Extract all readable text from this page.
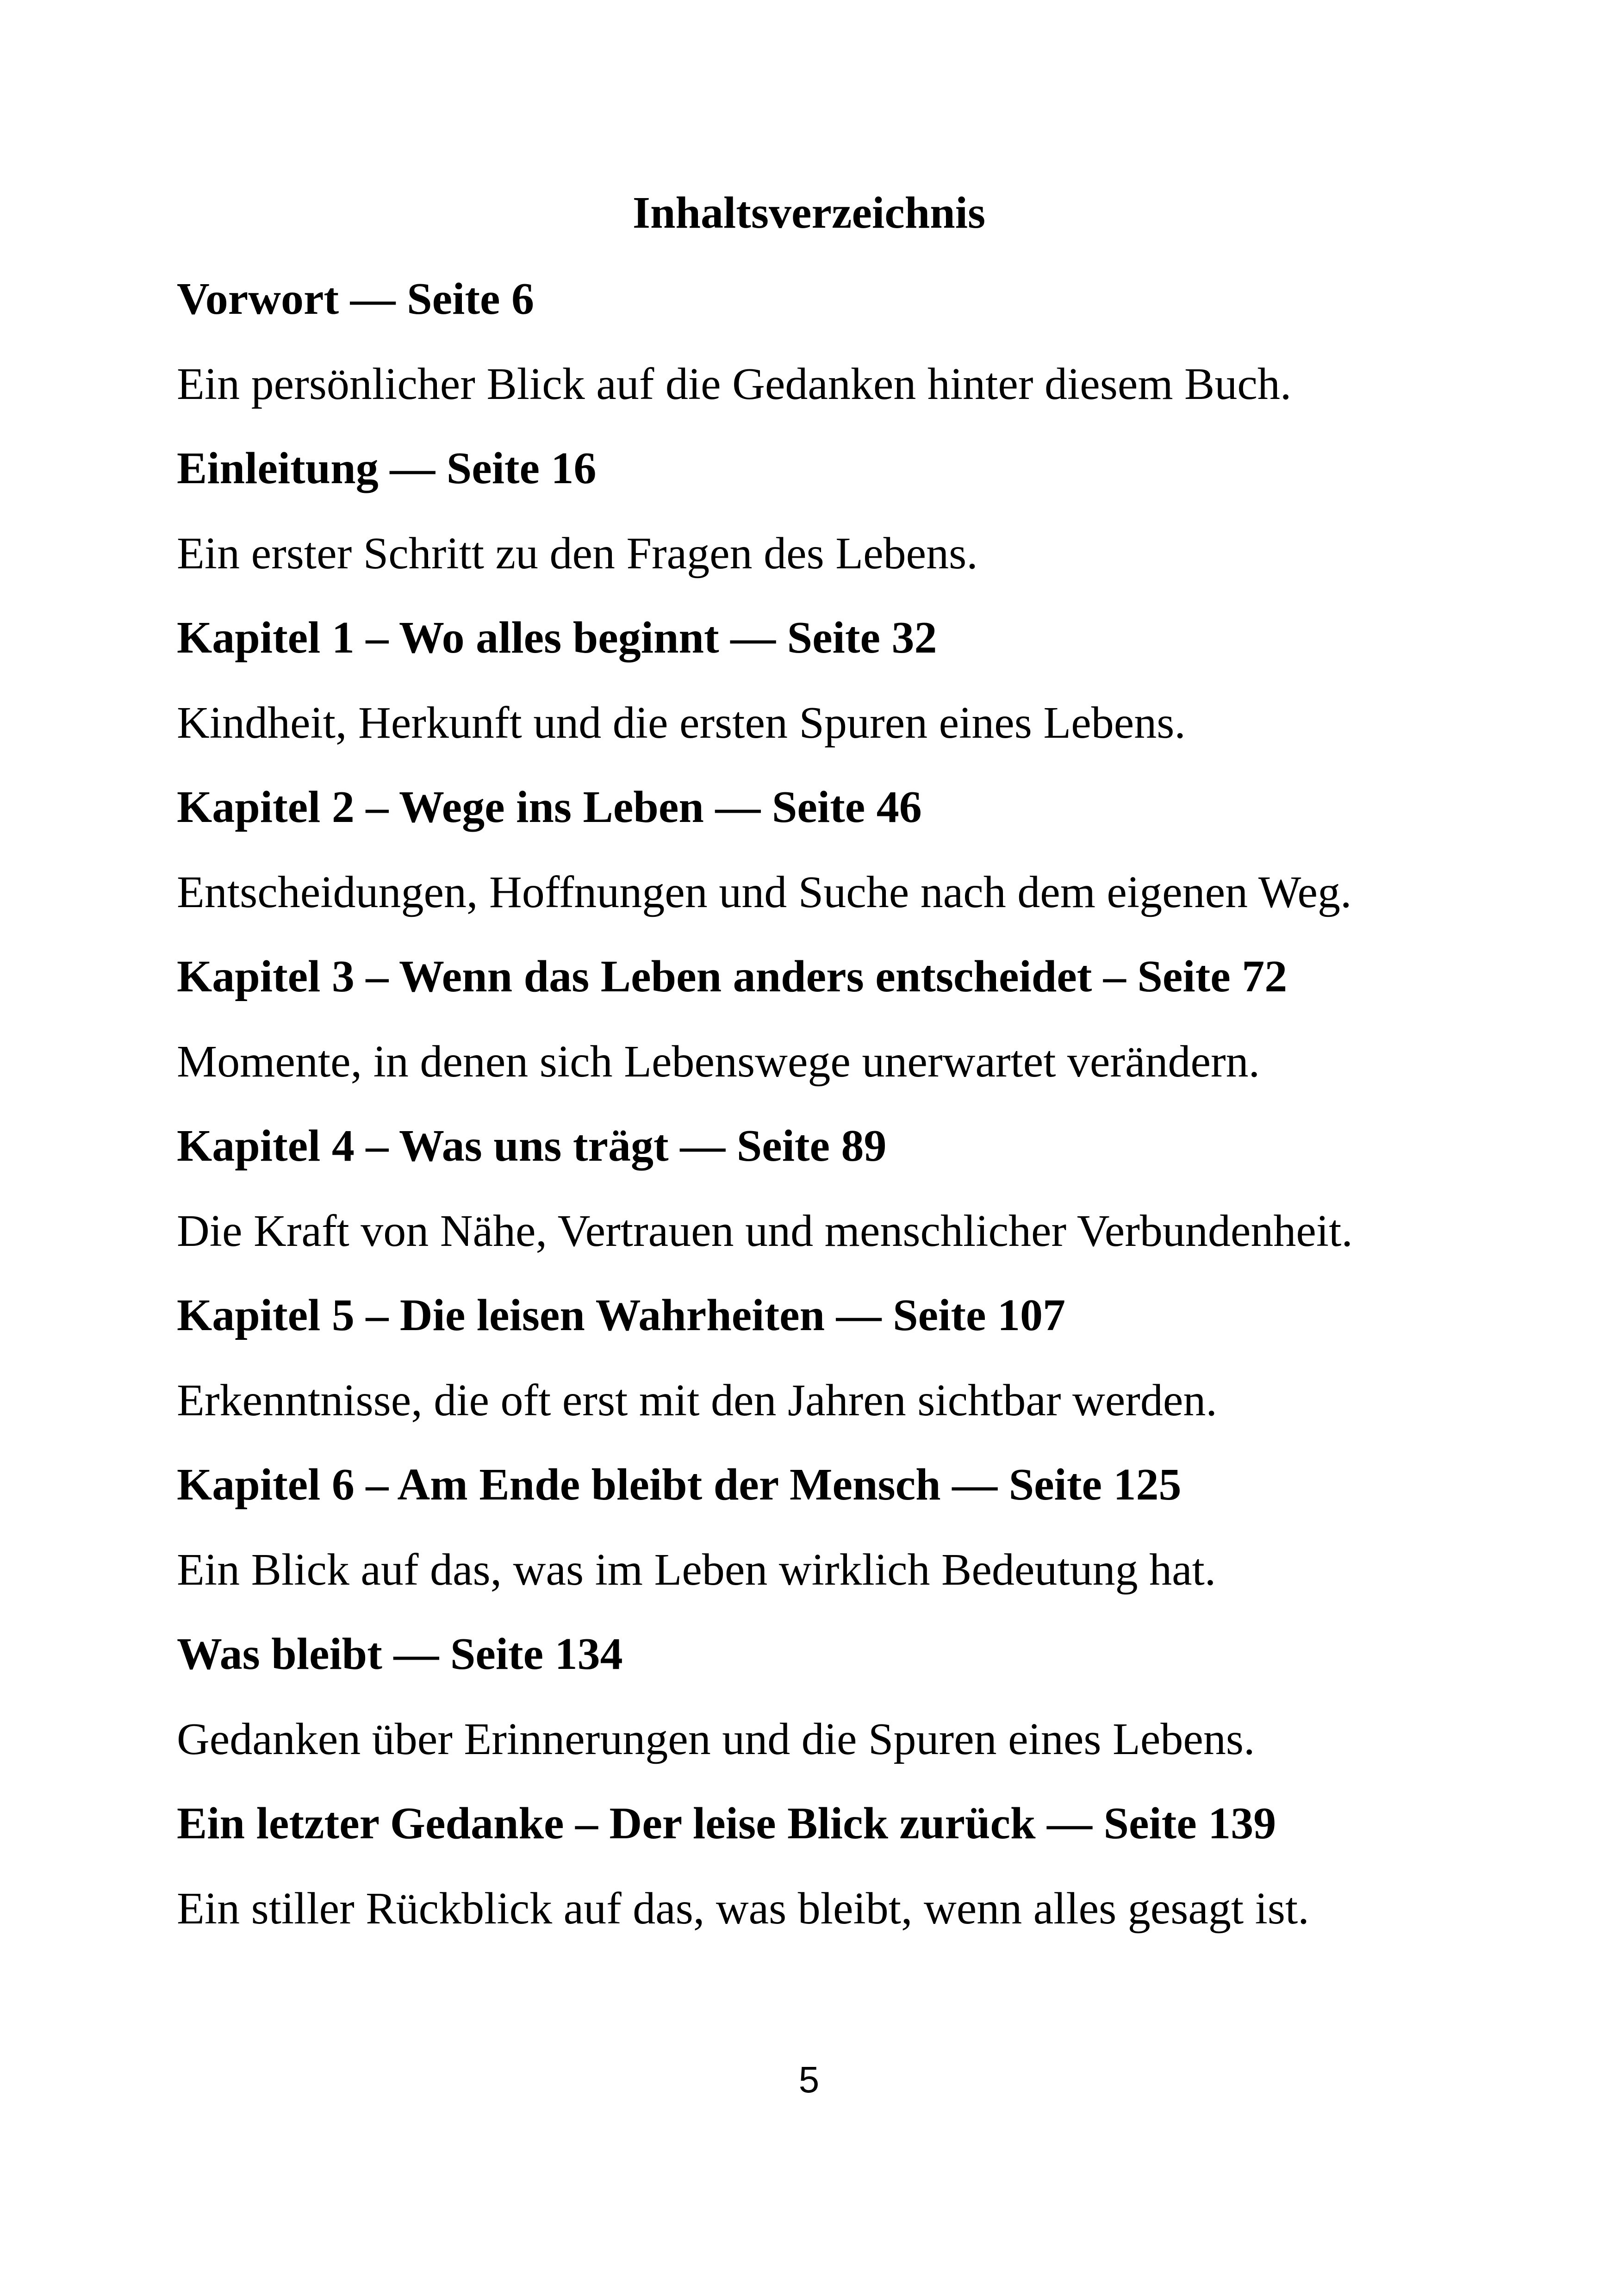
Inhaltsverzeichnis
Vorwort — Seite 6
Ein persönlicher Blick auf die Gedanken hinter diesem Buch.
Einleitung — Seite 16
Ein erster Schritt zu den Fragen des Lebens.
Kapitel 1 – Wo alles beginnt — Seite 32
Kindheit, Herkunft und die ersten Spuren eines Lebens.
Kapitel 2 – Wege ins Leben — Seite 46
Entscheidungen, Hoffnungen und Suche nach dem eigenen Weg.
Kapitel 3 – Wenn das Leben anders entscheidet – Seite 72
Momente, in denen sich Lebenswege unerwartet verändern.
Kapitel 4 – Was uns trägt — Seite 89
Die Kraft von Nähe, Vertrauen und menschlicher Verbundenheit.
Kapitel 5 – Die leisen Wahrheiten — Seite 107
Erkenntnisse, die oft erst mit den Jahren sichtbar werden.
Kapitel 6 – Am Ende bleibt der Mensch — Seite 125
Ein Blick auf das, was im Leben wirklich Bedeutung hat.
Was bleibt — Seite 134
Gedanken über Erinnerungen und die Spuren eines Lebens.
Ein letzter Gedanke – Der leise Blick zurück — Seite 139
Ein stiller Rückblick auf das, was bleibt, wenn alles gesagt ist.
5
